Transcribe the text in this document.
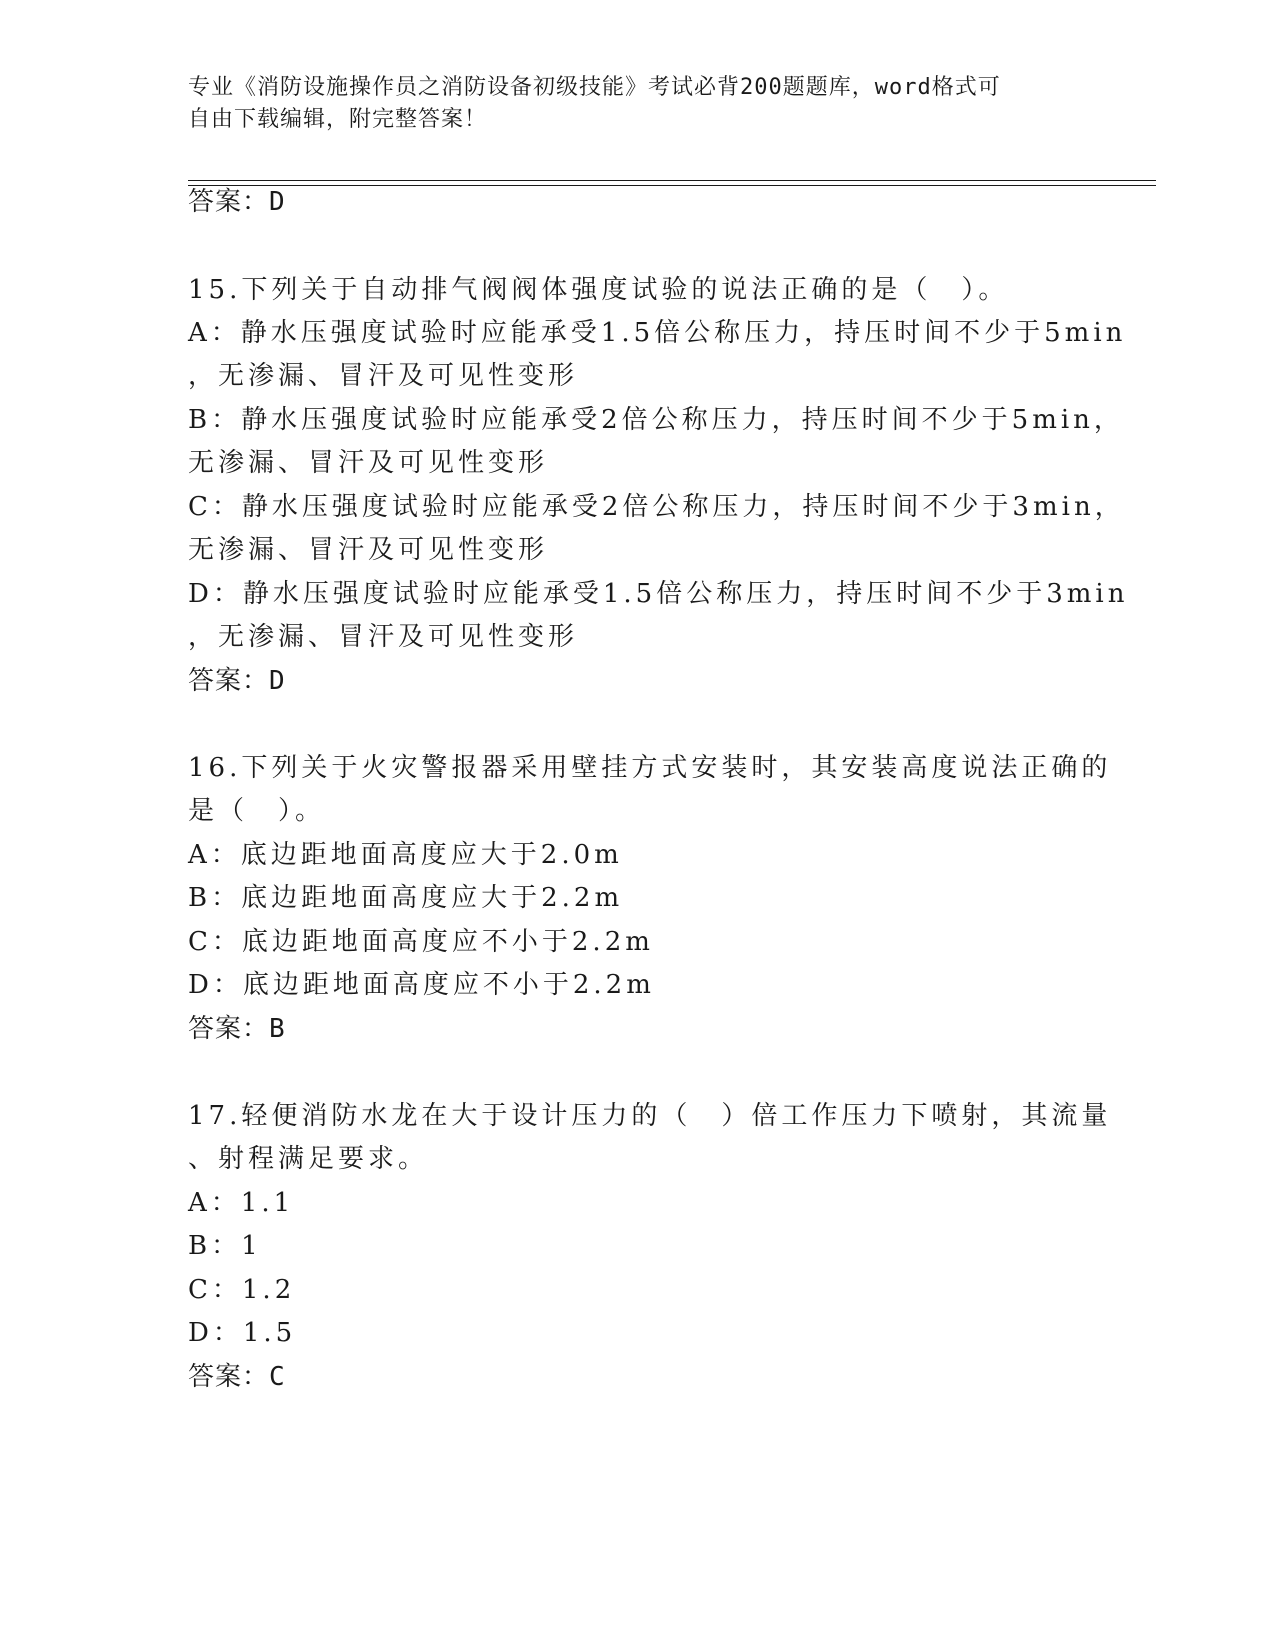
专业《消防设施操作员之消防设备初级技能》考试必背200题题库，word格式可
自由下载编辑，附完整答案！
答案：D
15.下列关于自动排气阀阀体强度试验的说法正确的是（　）。
A：静水压强度试验时应能承受1.5倍公称压力，持压时间不少于5min
，无渗漏、冒汗及可见性变形
B：静水压强度试验时应能承受2倍公称压力，持压时间不少于5min，
无渗漏、冒汗及可见性变形
C：静水压强度试验时应能承受2倍公称压力，持压时间不少于3min，
无渗漏、冒汗及可见性变形
D：静水压强度试验时应能承受1.5倍公称压力，持压时间不少于3min
，无渗漏、冒汗及可见性变形
答案：D
16.下列关于火灾警报器采用壁挂方式安装时，其安装高度说法正确的
是（　）。
A：底边距地面高度应大于2.0m
B：底边距地面高度应大于2.2m
C：底边距地面高度应不小于2.2m
D：底边距地面高度应不小于2.2m
答案：B
17.轻便消防水龙在大于设计压力的（　）倍工作压力下喷射，其流量
、射程满足要求。
A：1.1
B：1
C：1.2
D：1.5
答案：C
